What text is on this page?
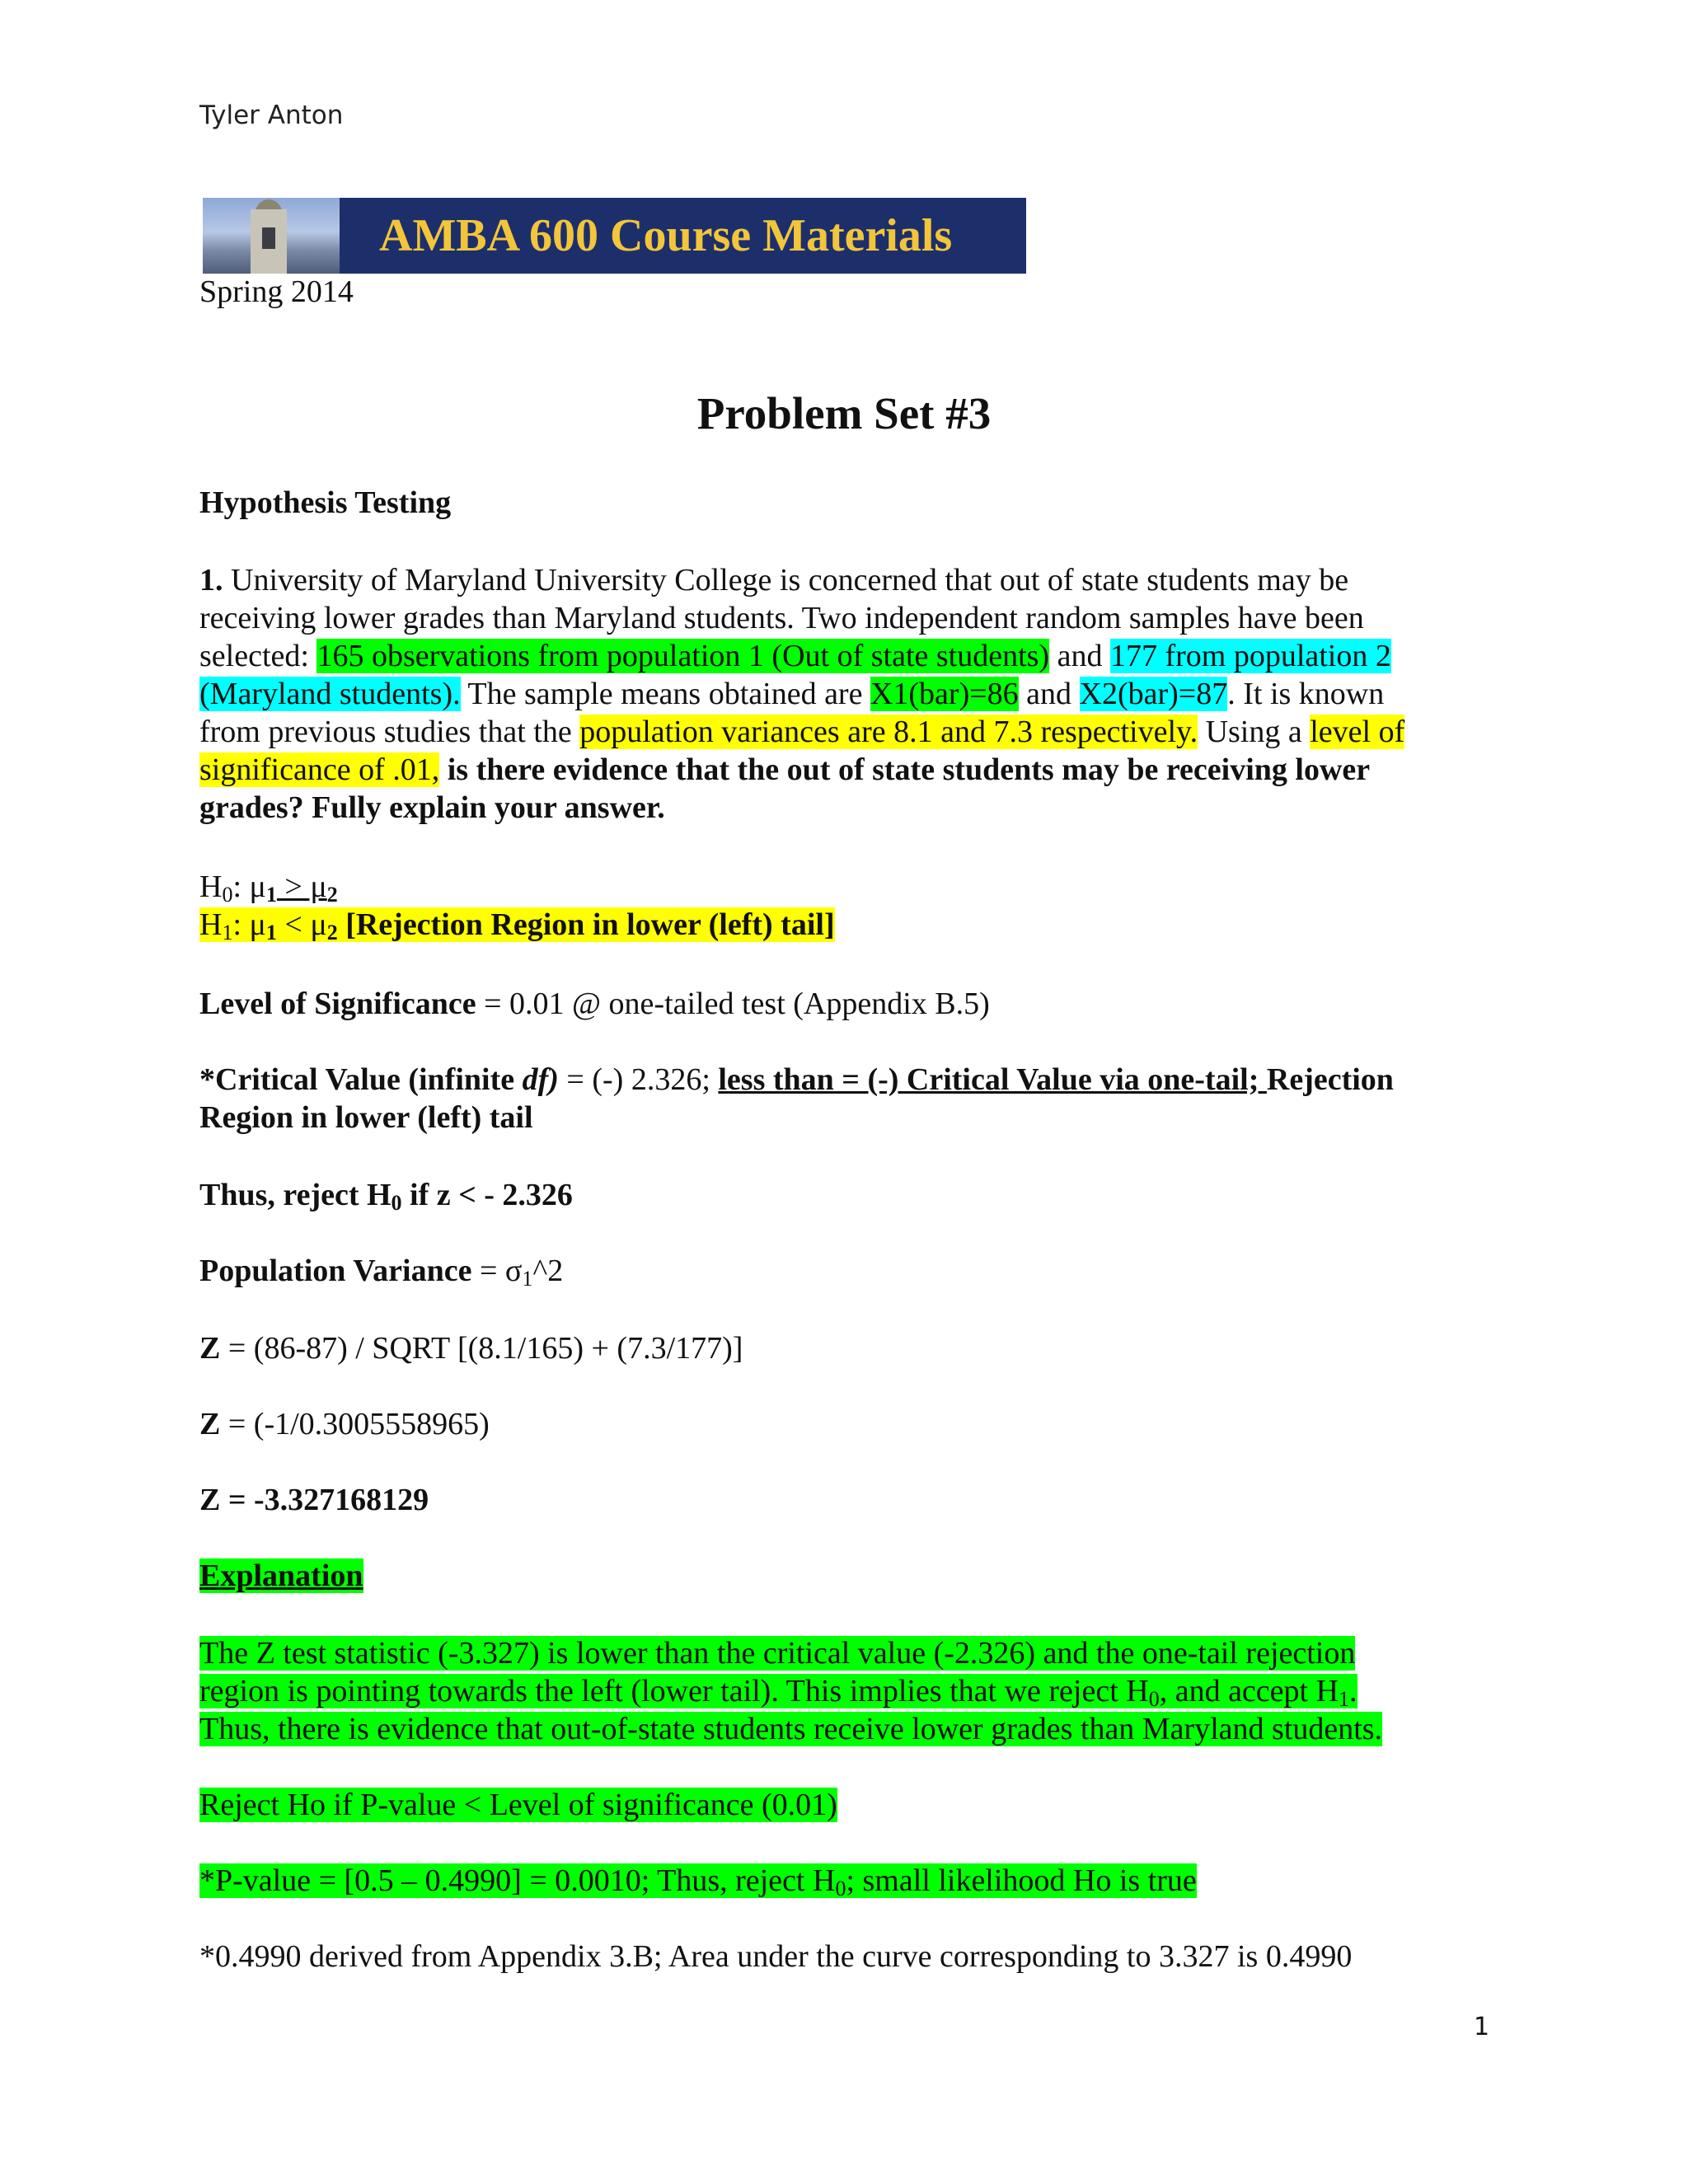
Tyler Anton
AMBA 600 Course Materials
Spring 2014
Problem Set #3
Hypothesis Testing
1. University of Maryland University College is concerned that out of state students may be
receiving lower grades than Maryland students. Two independent random samples have been
selected: 165 observations from population 1 (Out of state students) and 177 from population 2
(Maryland students). The sample means obtained are X1(bar)=86 and X2(bar)=87. It is known
from previous studies that the population variances are 8.1 and 7.3 respectively. Using a level of
significance of .01, is there evidence that the out of state students may be receiving lower
grades? Fully explain your answer.
$H_0$: $\mu_1 > \mu_2$
$H_1$: $\mu_1 < \mu_2$ [Rejection Region in lower (left) tail]
Level of Significance = 0.01 @ one-tailed test (Appendix B.5)
*Critical Value (infinite df) = (-) 2.326; less than = (-) Critical Value via one-tail; Rejection
Region in lower (left) tail
Thus, reject $H_0$ if z < - 2.326
Population Variance = $\sigma_1\^{}2$
Z = (86-87) / SQRT [(8.1/165) + (7.3/177)]
Z = (-1/0.3005558965)
Z = -3.327168129
Explanation
The Z test statistic (-3.327) is lower than the critical value (-2.326) and the one-tail rejection
region is pointing towards the left (lower tail). This implies that we reject $H_0$, and accept $H_1$.
Thus, there is evidence that out-of-state students receive lower grades than Maryland students.
Reject Ho if P-value < Level of significance (0.01)
*P-value = [0.5 – 0.4990] = 0.0010; Thus, reject $H_0$; small likelihood Ho is true
*0.4990 derived from Appendix 3.B; Area under the curve corresponding to 3.327 is 0.4990
1
